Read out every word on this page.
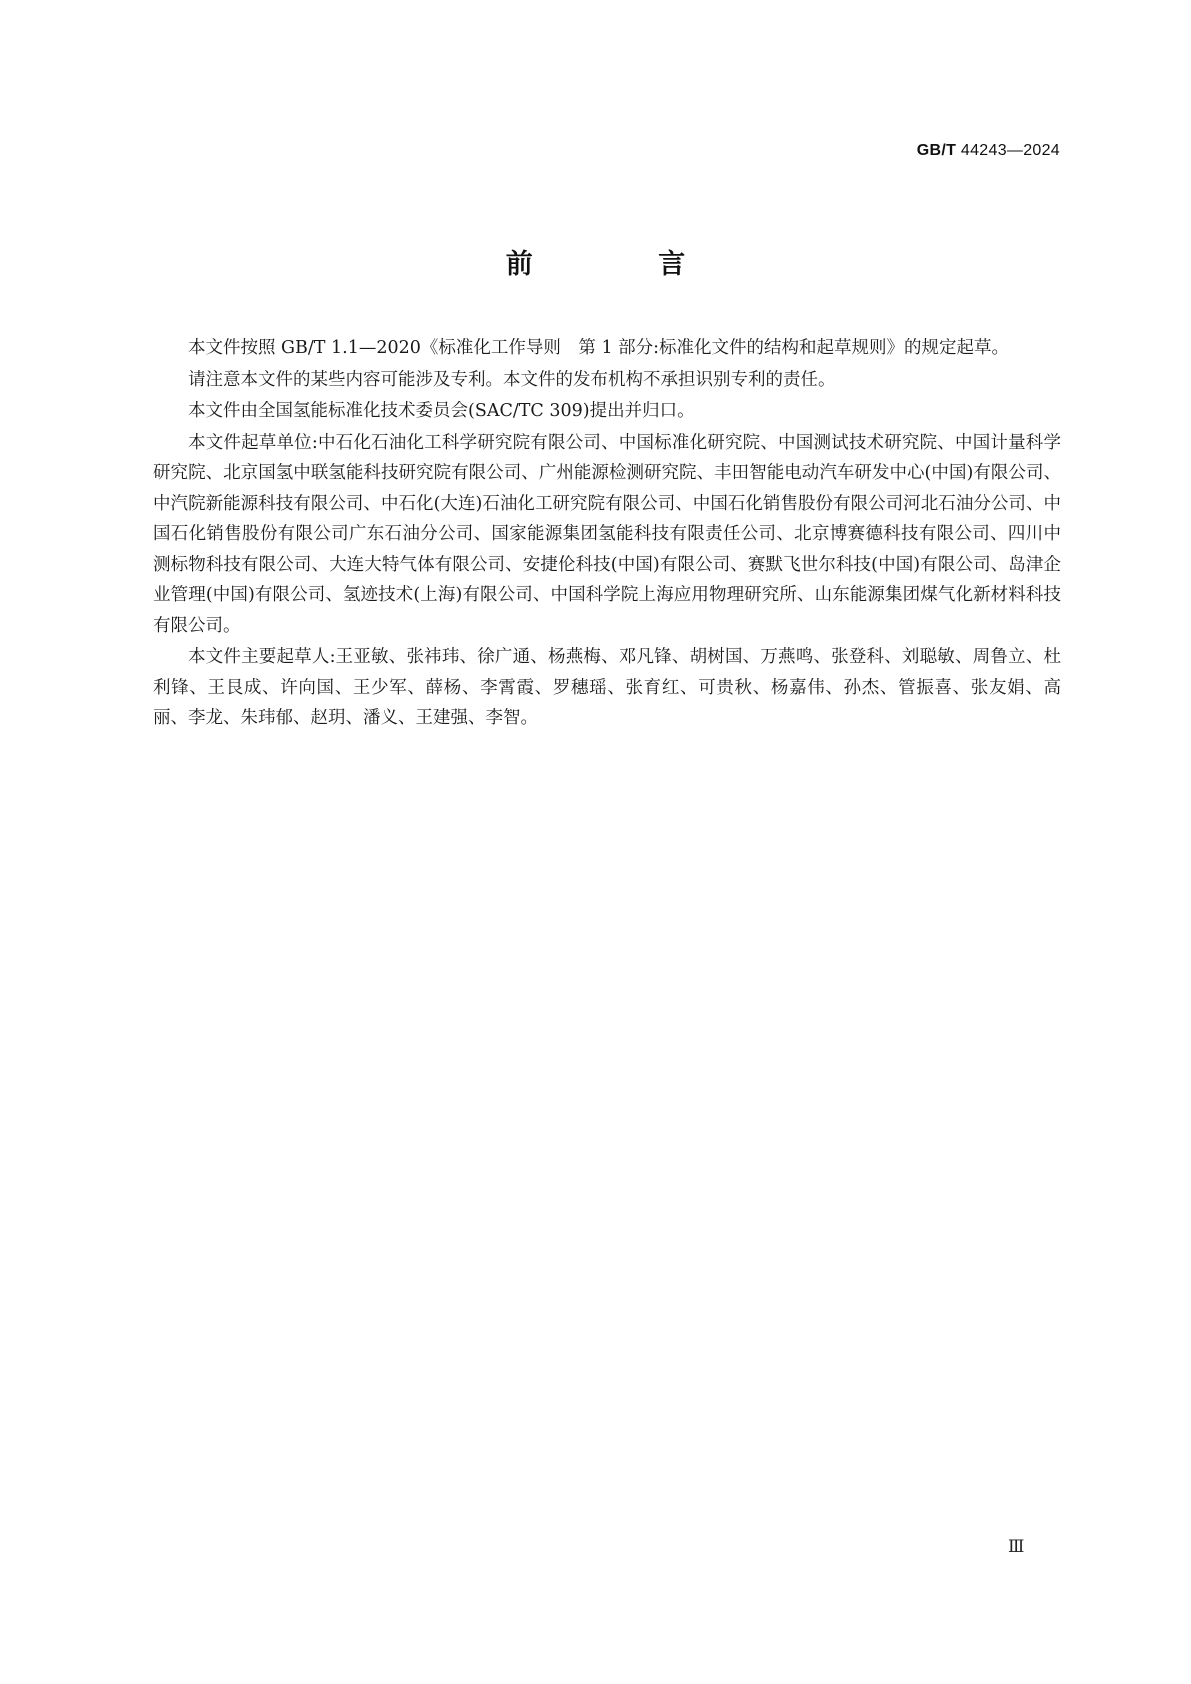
GB/T 44243—2024
前 言

本文件按照 GB/T 1.1—2020《标准化工作导则　第 1 部分:标准化文件的结构和起草规则》的规定起草。

请注意本文件的某些内容可能涉及专利。本文件的发布机构不承担识别专利的责任。

本文件由全国氢能标准化技术委员会(SAC/TC 309)提出并归口。

本文件起草单位:中石化石油化工科学研究院有限公司、中国标准化研究院、中国测试技术研究院、中国计量科学研究院、北京国氢中联氢能科技研究院有限公司、广州能源检测研究院、丰田智能电动汽车研发中心(中国)有限公司、中汽院新能源科技有限公司、中石化(大连)石油化工研究院有限公司、中国石化销售股份有限公司河北石油分公司、中国石化销售股份有限公司广东石油分公司、国家能源集团氢能科技有限责任公司、北京博赛德科技有限公司、四川中测标物科技有限公司、大连大特气体有限公司、安捷伦科技(中国)有限公司、赛默飞世尔科技(中国)有限公司、岛津企业管理(中国)有限公司、氢迹技术(上海)有限公司、中国科学院上海应用物理研究所、山东能源集团煤气化新材料科技有限公司。

本文件主要起草人:王亚敏、张祎玮、徐广通、杨燕梅、邓凡锋、胡树国、万燕鸣、张登科、刘聪敏、周鲁立、杜利锋、王艮成、许向国、王少军、薛杨、李霄霞、罗穗瑶、张育红、可贵秋、杨嘉伟、孙杰、管振喜、张友娟、高丽、李龙、朱玮郁、赵玥、潘义、王建强、李智。

Ⅲ
